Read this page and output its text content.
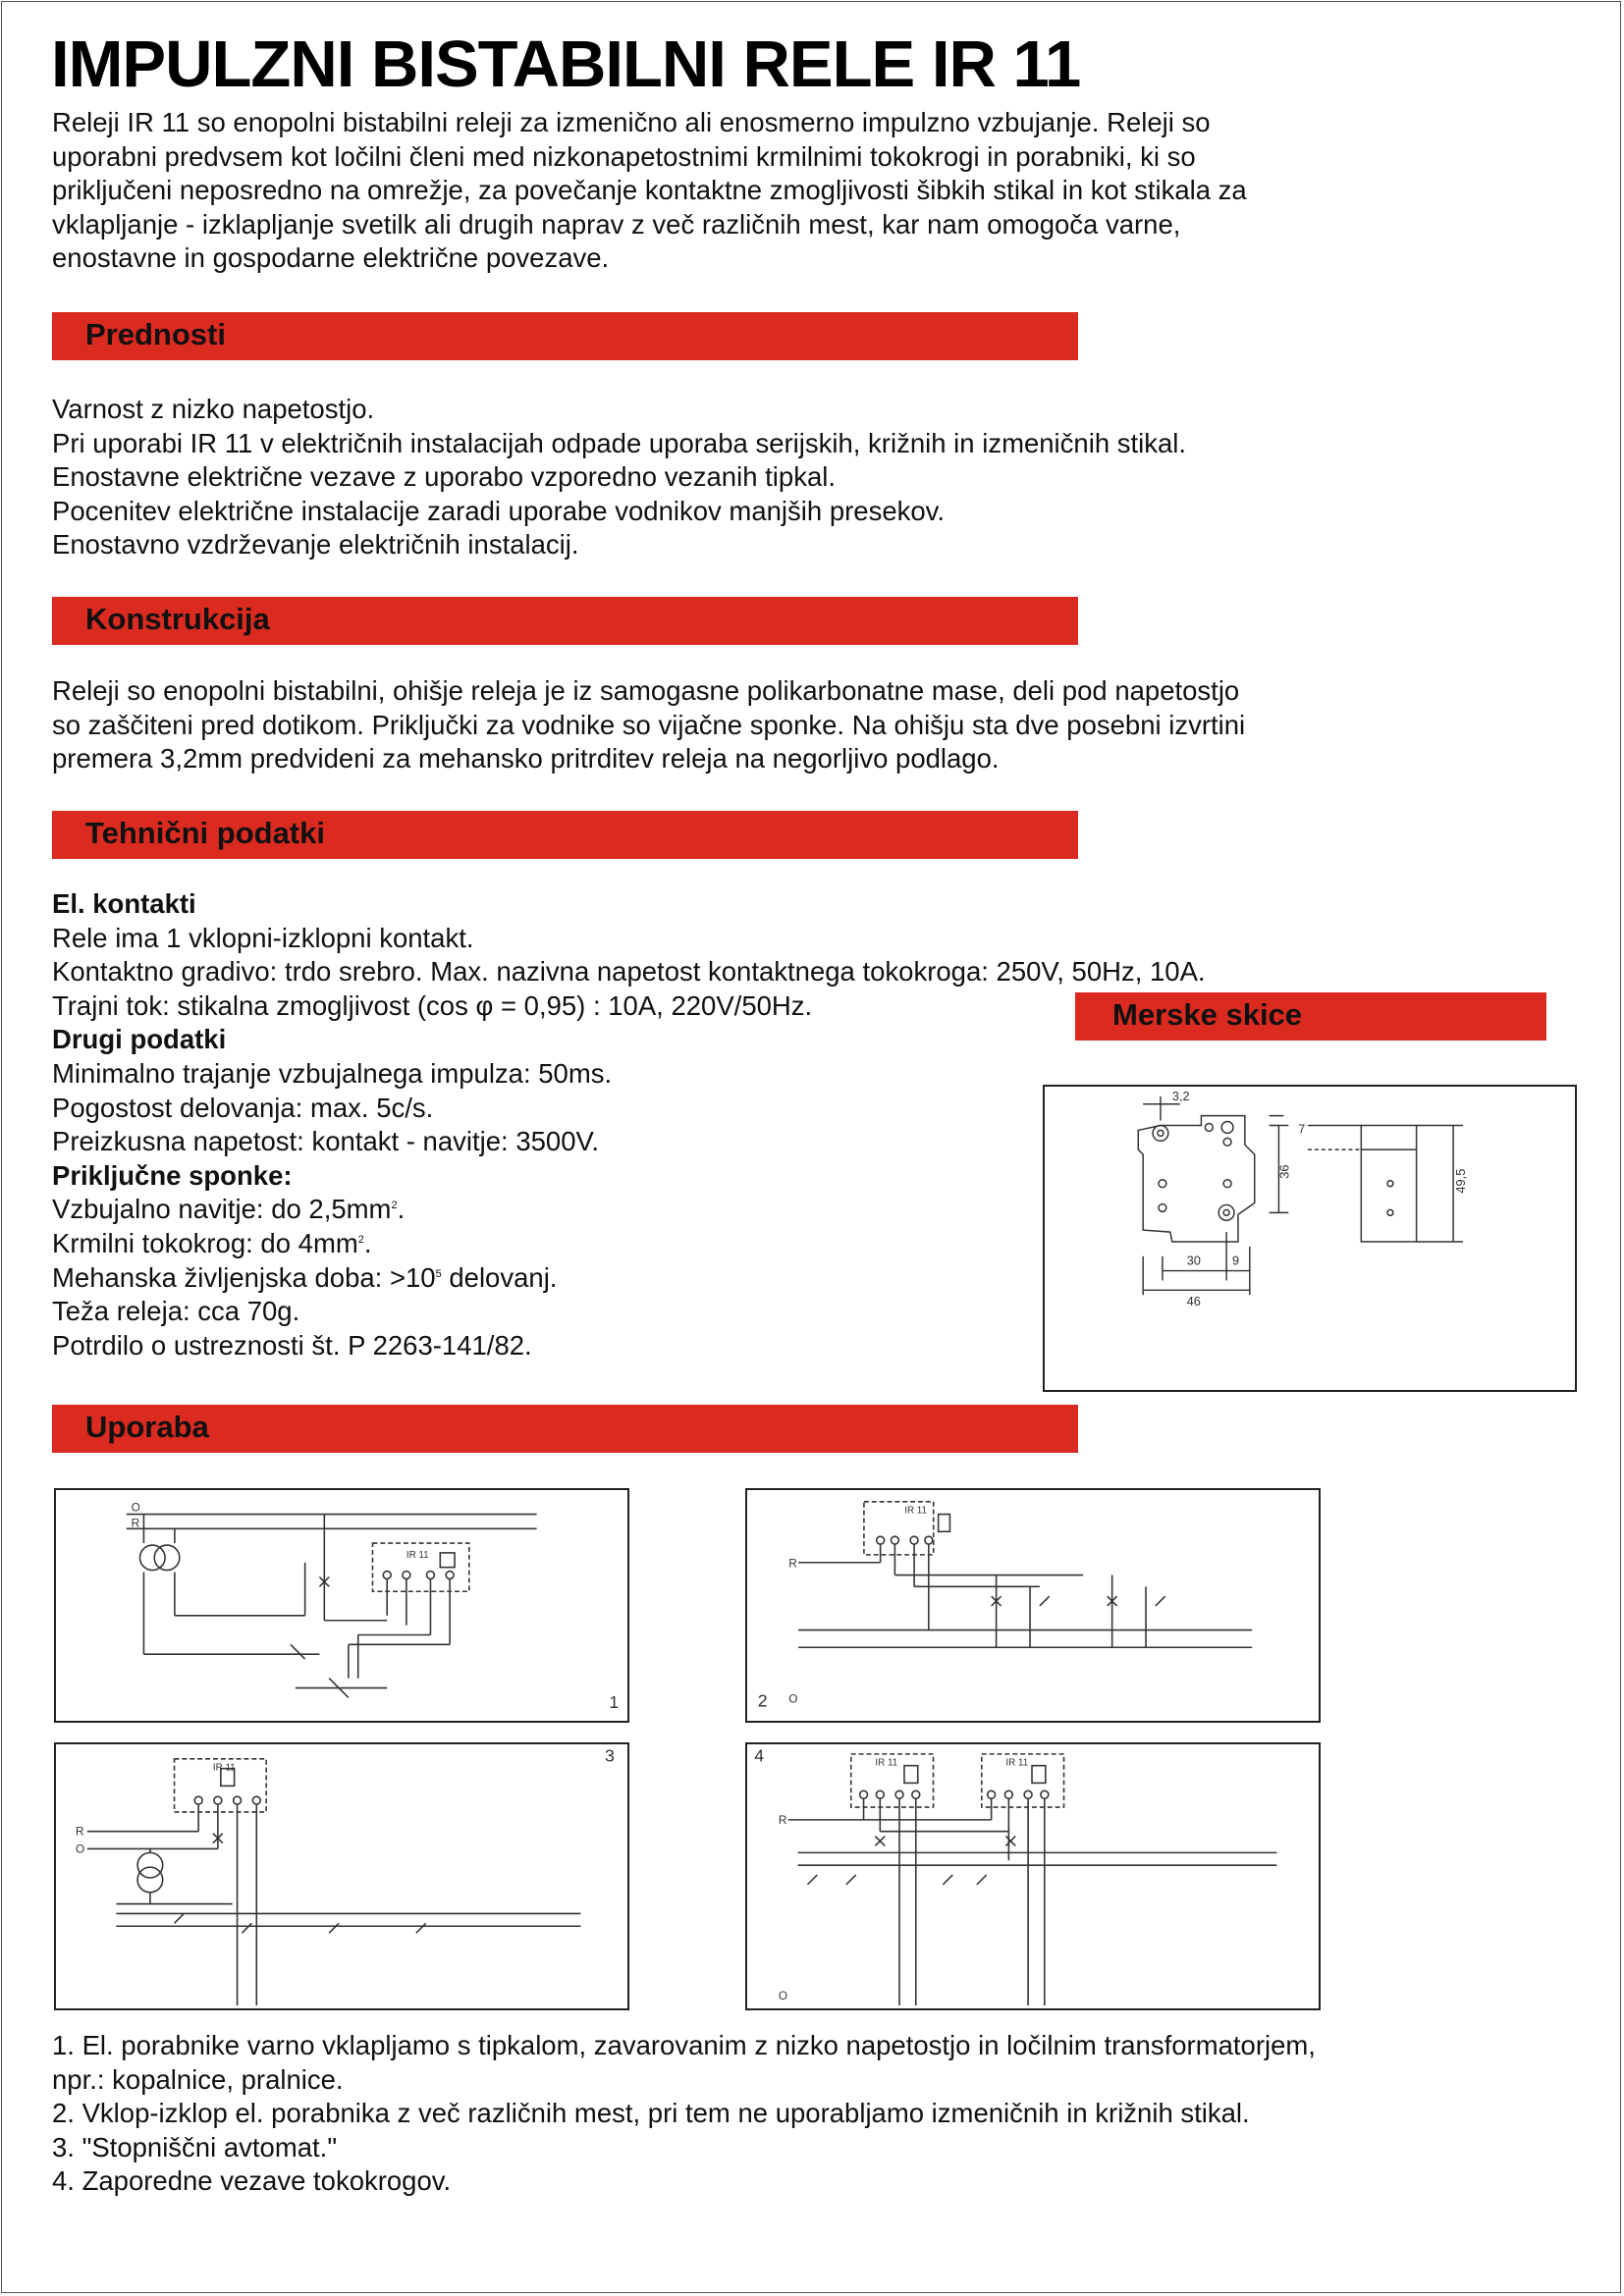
IMPULZNI BISTABILNI RELE IR 11
Releji IR 11 so enopolni bistabilni releji za izmenično ali enosmerno impulzno vzbujanje. Releji so
uporabni predvsem kot ločilni členi med nizkonapetostnimi krmilnimi tokokrogi in porabniki, ki so
priključeni neposredno na omrežje, za povečanje kontaktne zmogljivosti šibkih stikal in kot stikala za
vklapljanje - izklapljanje svetilk ali drugih naprav z več različnih mest, kar nam omogoča varne,
enostavne in gospodarne električne povezave.
Prednosti
Varnost z nizko napetostjo.
Pri uporabi IR 11 v električnih instalacijah odpade uporaba serijskih, križnih in izmeničnih stikal.
Enostavne električne vezave z uporabo vzporedno vezanih tipkal.
Pocenitev električne instalacije zaradi uporabe vodnikov manjših presekov.
Enostavno vzdrževanje električnih instalacij.
Konstrukcija
Releji so enopolni bistabilni, ohišje releja je iz samogasne polikarbonatne mase, deli pod napetostjo
so zaščiteni pred dotikom. Priključki za vodnike so vijačne sponke. Na ohišju sta dve posebni izvrtini
premera 3,2mm predvideni za mehansko pritrditev releja na negorljivo podlago.
Tehnični podatki
El. kontakti
Rele ima 1 vklopni-izklopni kontakt.
Kontaktno gradivo: trdo srebro. Max. nazivna napetost kontaktnega tokokroga: 250V, 50Hz, 10A.
Trajni tok: stikalna zmogljivost (cos φ = 0,95) : 10A, 220V/50Hz.
Drugi podatki
Minimalno trajanje vzbujalnega impulza: 50ms.
Pogostost delovanja: max. 5c/s.
Preizkusna napetost: kontakt - navitje: 3500V.
Priključne sponke:
Vzbujalno navitje: do $2,5mm^2$.
Krmilni tokokrog: do $4mm^2$.
Mehanska življenjska doba: $>10^5$ delovanj.
Teža releja: cca 70g.
Potrdilo o ustreznosti št. P 2263-141/82.
Merske skice
3,2
7
36	49,5
30 9
46
Uporaba
O
R
IR 11
1
IR 11
R
O
2
IR 11
R
O
3	IR 11	IR 11
R
O
4
1. El. porabnike varno vklapljamo s tipkalom, zavarovanim z nizko napetostjo in ločilnim transformatorjem,
npr.: kopalnice, pralnice.
2. Vklop-izklop el. porabnika z več različnih mest, pri tem ne uporabljamo izmeničnih in križnih stikal.
3. "Stopniščni avtomat."
4. Zaporedne vezave tokokrogov.
